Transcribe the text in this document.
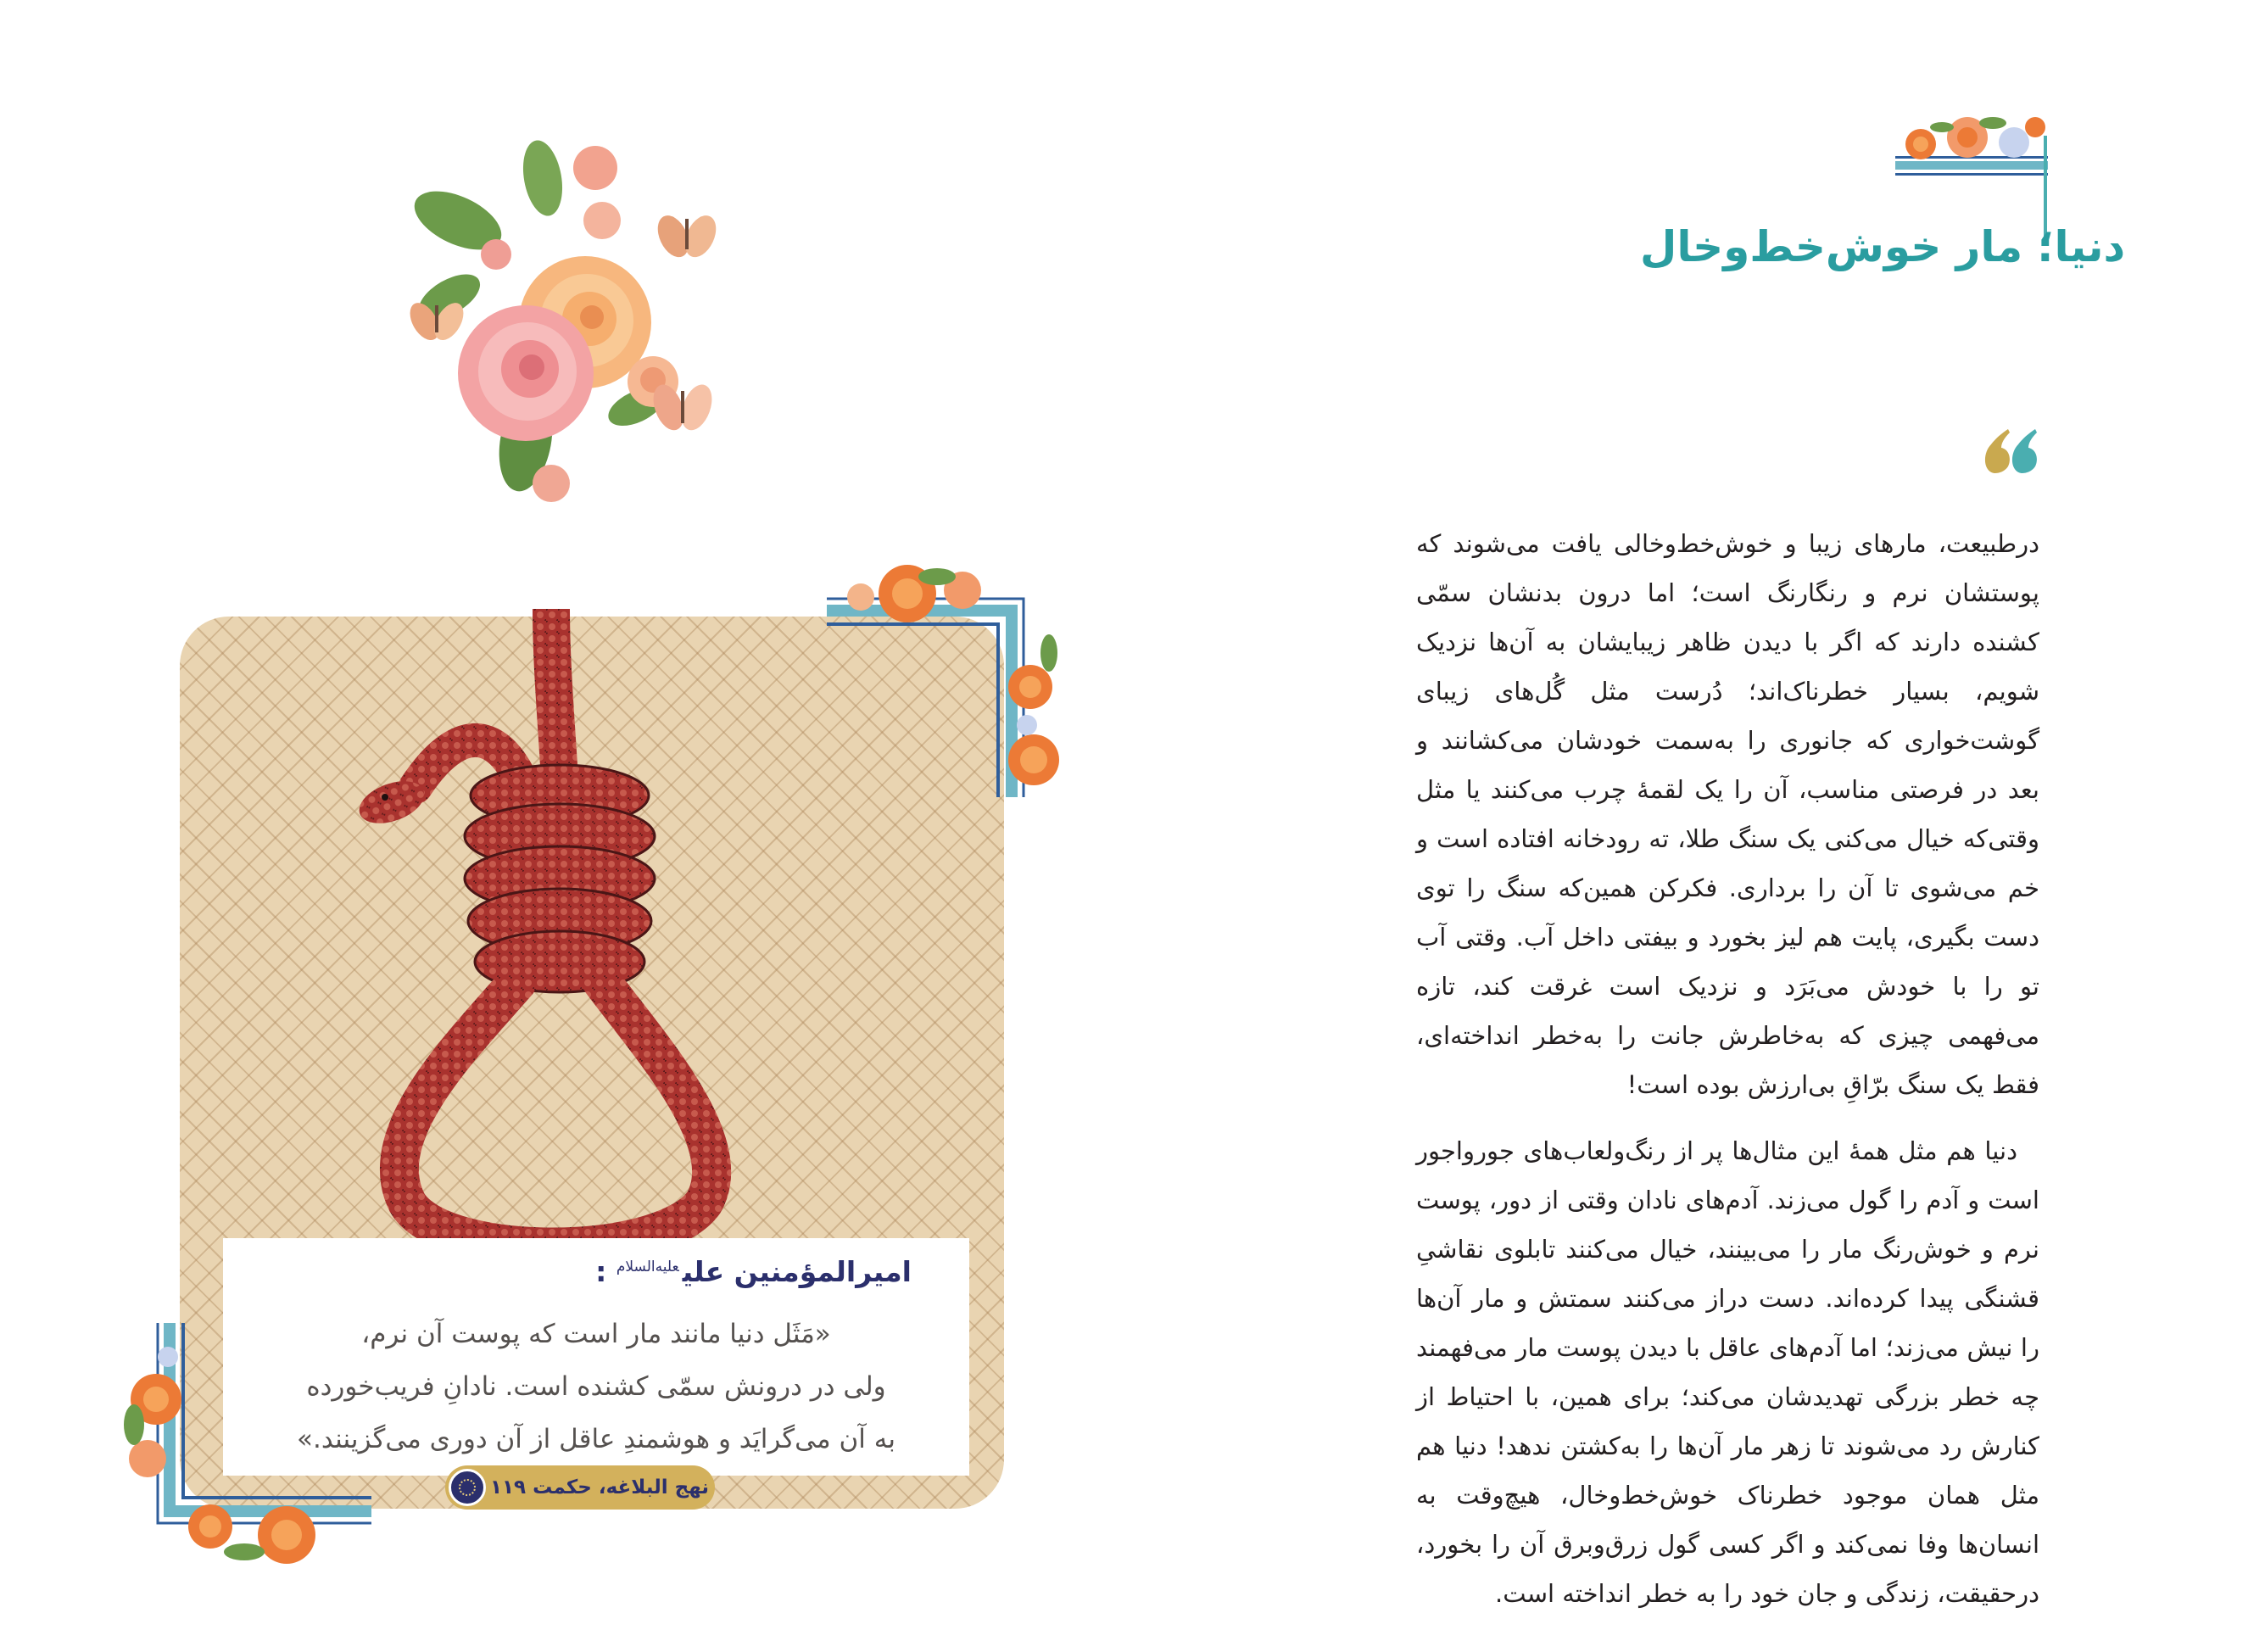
امیرالمؤمنین علی$^{علیه‌السلام}$ :
«مَثَل دنیا مانند مار است که پوست آن نرم،
ولی در درونش سمّی کشنده است. نادانِ فریب‌خورده
به آن می‌گرایَد و هوشمندِ عاقل از آن دوری می‌گزینند.»
نهج البلاغه، حکمت ۱۱۹
دنیا؛ مار خوش‌خط‌وخال
درطبیعت، مارهای زیبا و خوش‌خط‌وخالی یافت می‌شوند که پوستشان نرم و رنگارنگ است؛ اما درون بدنشان سمّی کشنده دارند که اگر با دیدن ظاهر زیبایشان به آن‌ها نزدیک شویم، بسیار خطرناک‌اند؛ دُرست مثل گُل‌های زیبای گوشت‌خواری که جانوری را به‌سمت خودشان می‌کشانند و بعد در فرصتی مناسب، آن را یک لقمهٔ چرب می‌کنند یا مثل وقتی‌که خیال می‌کنی یک سنگ طلا، ته رودخانه افتاده است و خم می‌شوی تا آن را برداری. فکرکن همین‌که سنگ را توی دست بگیری، پایت هم لیز بخورد و بیفتی داخل آب. وقتی آب تو را با خودش می‌بَرَد و نزدیک است غرقت کند، تازه می‌فهمی چیزی که به‌خاطرش جانت را به‌خطر انداخته‌ای، فقط یک سنگ برّاقِ بی‌ارزش بوده است!
دنیا هم مثل همهٔ این مثال‌ها پر از رنگ‌ولعاب‌های جورواجور است و آدم را گول می‌زند. آدم‌های نادان وقتی از دور، پوست نرم و خوش‌رنگ مار را می‌بینند، خیال می‌کنند تابلوی نقاشیِ قشنگی پیدا کرده‌اند. دست دراز می‌کنند سمتش و مار آن‌ها را نیش می‌زند؛ اما آدم‌های عاقل با دیدن پوست مار می‌فهمند چه خطر بزرگی تهدیدشان می‌کند؛ برای همین، با احتیاط از کنارش رد می‌شوند تا زهر مار آن‌ها را به‌کشتن ندهد! دنیا هم مثل همان موجود خطرناک خوش‌خط‌وخال، هیچ‌وقت به انسان‌ها وفا نمی‌کند و اگر کسی گول زرق‌وبرق آن را بخورد، درحقیقت، زندگی و جان خود را به خطر انداخته است.
